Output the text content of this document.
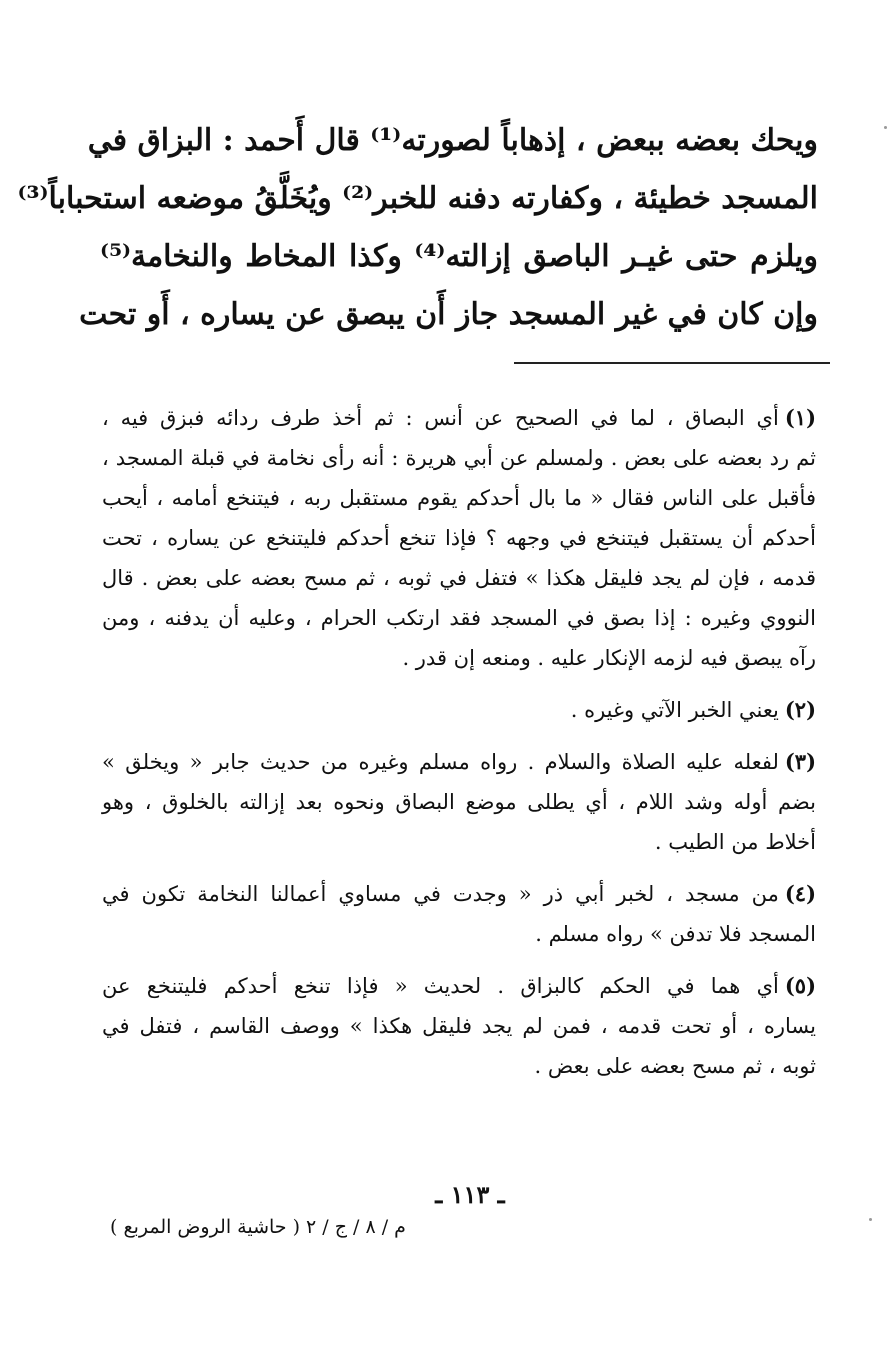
ويحك بعضه ببعض ، إذهاباً لصورته⁽¹⁾ قال أَحمد : البزاق في
المسجد خطيئة ، وكفارته دفنه للخبر⁽²⁾ ويُخَلَّقُ موضعه استحباباً⁽³⁾
ويلزم حتى غيـر الباصق إزالته⁽⁴⁾ وكذا المخاط والنخامة⁽⁵⁾
وإن كان في غير المسجد جاز أَن يبصق عن يساره ، أَو تحت
(١)أي البصاق ، لما في الصحيح عن أنس : ثم أخذ طرف ردائه فبزق فيه ،
ثم رد بعضه على بعض . ولمسلم عن أبي هريرة : أنه رأى نخامة في قبلة المسجد ،
فأقبل على الناس فقال « ما بال أحدكم يقوم مستقبل ربه ، فيتنخع أمامه ، أيحب
أحدكم أن يستقبل فيتنخع في وجهه ؟ فإذا تنخع أحدكم فليتنخع عن يساره ، تحت
قدمه ، فإن لم يجد فليقل هكذا » فتفل في ثوبه ، ثم مسح بعضه على بعض . قال
النووي وغيره : إذا بصق في المسجد فقد ارتكب الحرام ، وعليه أن يدفنه ، ومن
رآه يبصق فيه لزمه الإنكار عليه . ومنعه إن قدر .
(٢)يعني الخبر الآتي وغيره .
(٣)لفعله عليه الصلاة والسلام . رواه مسلم وغيره من حديث جابر « ويخلق »
بضم أوله وشد اللام ، أي يطلى موضع البصاق ونحوه بعد إزالته بالخلوق ، وهو
أخلاط من الطيب .
(٤)من مسجد ، لخبر أبي ذر « وجدت في مساوي أعمالنا النخامة تكون في
المسجد فلا تدفن » رواه مسلم .
(٥)أي هما في الحكم كالبزاق . لحديث « فإذا تنخع أحدكم فليتنخع عن
يساره ، أو تحت قدمه ، فمن لم يجد فليقل هكذا » ووصف القاسم ، فتفل في
ثوبه ، ثم مسح بعضه على بعض .
ـ ١١٣ ـ
م / ٨ / ج / ٢ ( حاشية الروض المربع )
